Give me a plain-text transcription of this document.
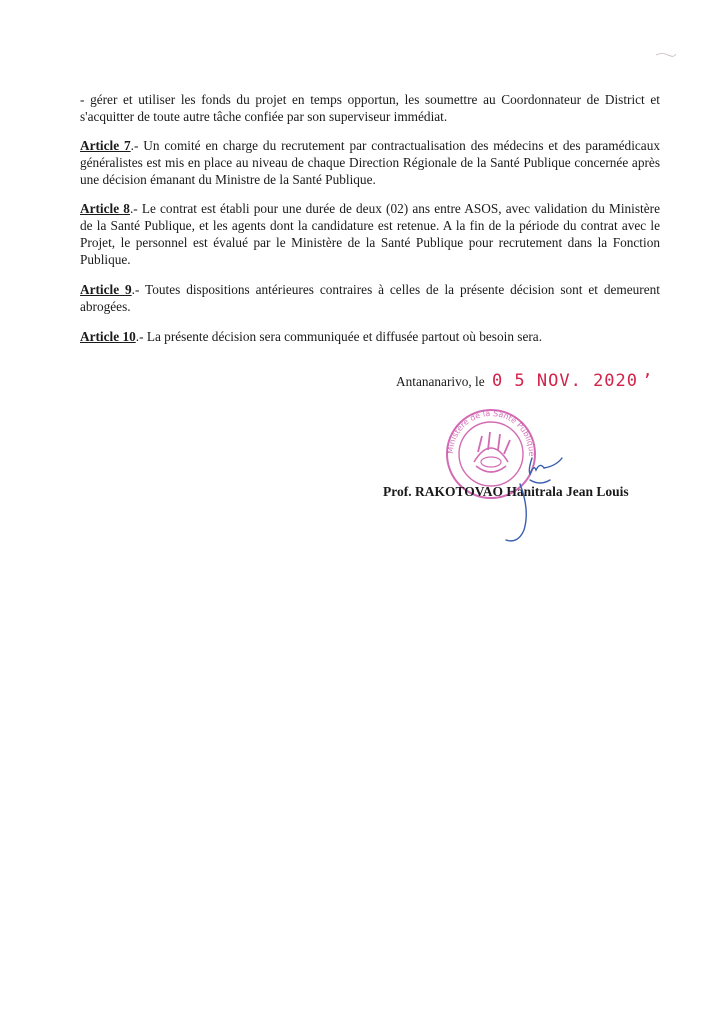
- gérer et utiliser les fonds du projet en temps opportun, les soumettre au Coordonnateur de District et s'acquitter de toute autre tâche confiée par son superviseur immédiat.

Article 7.- Un comité en charge du recrutement par contractualisation des médecins et des paramédicaux généralistes est mis en place au niveau de chaque Direction Régionale de la Santé Publique concernée après une décision émanant du Ministre de la Santé Publique.

Article 8.- Le contrat est établi pour une durée de deux (02) ans entre ASOS, avec validation du Ministère de la Santé Publique, et les agents dont la candidature est retenue. A la fin de la période du contrat avec le Projet, le personnel est évalué par le Ministère de la Santé Publique pour recrutement dans la Fonction Publique.

Article 9.- Toutes dispositions antérieures contraires à celles de la présente décision sont et demeurent abrogées.

Article 10.- La présente décision sera communiquée et diffusée partout où besoin sera.

Antananarivo, le 0 5 NOV. 2020 ʼ
Ministère de la Santé Publique
Prof. RAKOTOVAO Hanitrala Jean Louis
